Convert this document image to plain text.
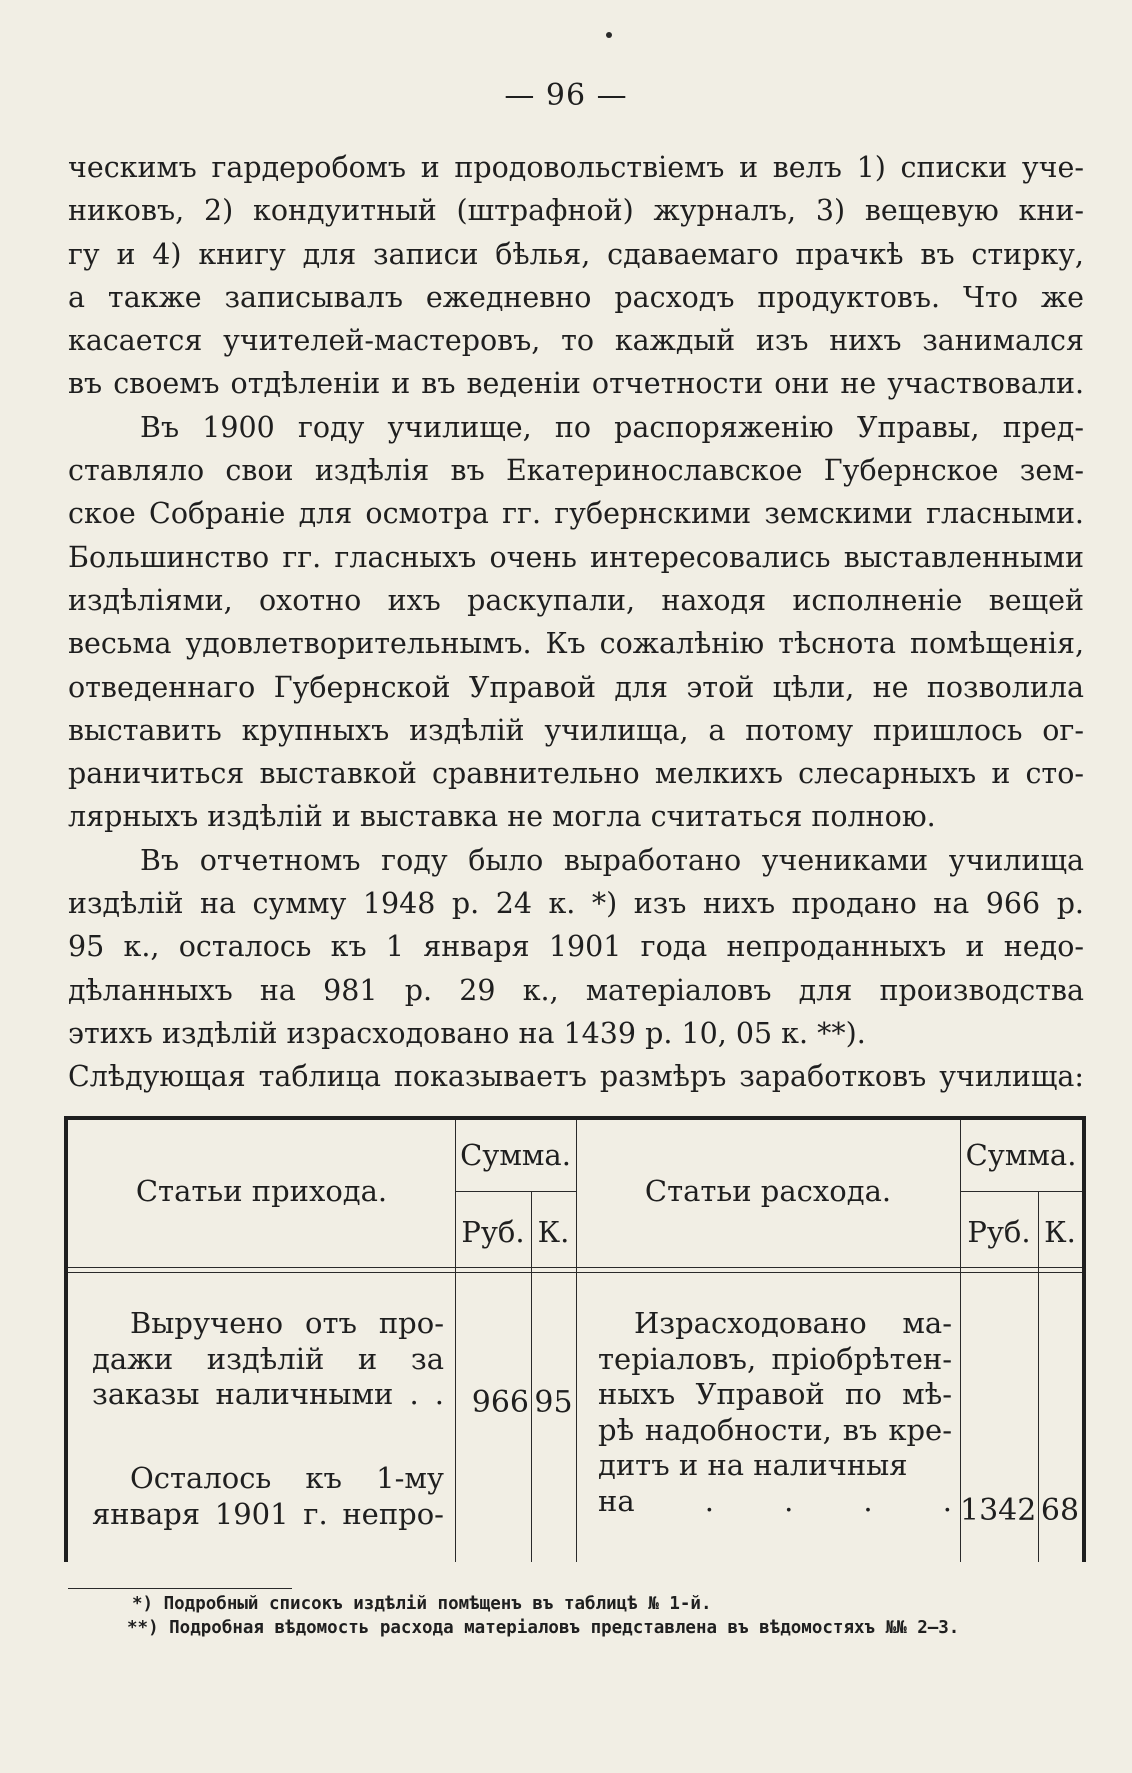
— 96 —
ческимъ гардеробомъ и продовольствіемъ и велъ 1) списки уче-
никовъ, 2) кондуитный (штрафной) журналъ, 3) вещевую кни-
гу и 4) книгу для записи бѣлья, сдаваемаго прачкѣ въ стирку,
а также записывалъ ежедневно расходъ продуктовъ. Что же
касается учителей-мастеровъ, то каждый изъ нихъ занимался
въ своемъ отдѣленіи и въ веденіи отчетности они не участвовали.
Въ 1900 году училище, по распоряженію Управы, пред-
ставляло свои издѣлія въ Екатеринославское Губернское зем-
ское Собраніе для осмотра гг. губернскими земскими гласными.
Большинство гг. гласныхъ очень интересовались выставленными
издѣліями, охотно ихъ раскупали, находя исполненіе вещей
весьма удовлетворительнымъ. Къ сожалѣнію тѣснота помѣщенія,
отведеннаго Губернской Управой для этой цѣли, не позволила
выставить крупныхъ издѣлій училища, а потому пришлось ог-
раничиться выставкой сравнительно мелкихъ слесарныхъ и сто-
лярныхъ издѣлій и выставка не могла считаться полною.
Въ отчетномъ году было выработано учениками училища
издѣлій на сумму 1948 р. 24 к. *) изъ нихъ продано на 966 р.
95 к., осталось къ 1 января 1901 года непроданныхъ и недо-
дѣланныхъ на 981 р. 29 к., матеріаловъ для производства
этихъ издѣлій израсходовано на 1439 р. 10, 05 к. **).
Слѣдующая таблица показываетъ размѣръ заработковъ училища:
Статьи прихода.
Сумма.
Руб. К.
Статьи расхода.
Сумма.
Руб. К.
Выручено отъ про-
дажи издѣлій и за
заказы наличными . .
Осталось къ 1-му
января 1901 г. непро-
966 95
Израсходовано ма-
теріаловъ, пріобрѣтен-
ныхъ Управой по мѣ-
рѣ надобности, въ кре-
дитъ и на наличныя
на . . . . 1342 68
*) Подробный списокъ издѣлій помѣщенъ въ таблицѣ № 1-й.
**) Подробная вѣдомость расхода матеріаловъ представлена въ вѣдомостяхъ №№ 2—3.
